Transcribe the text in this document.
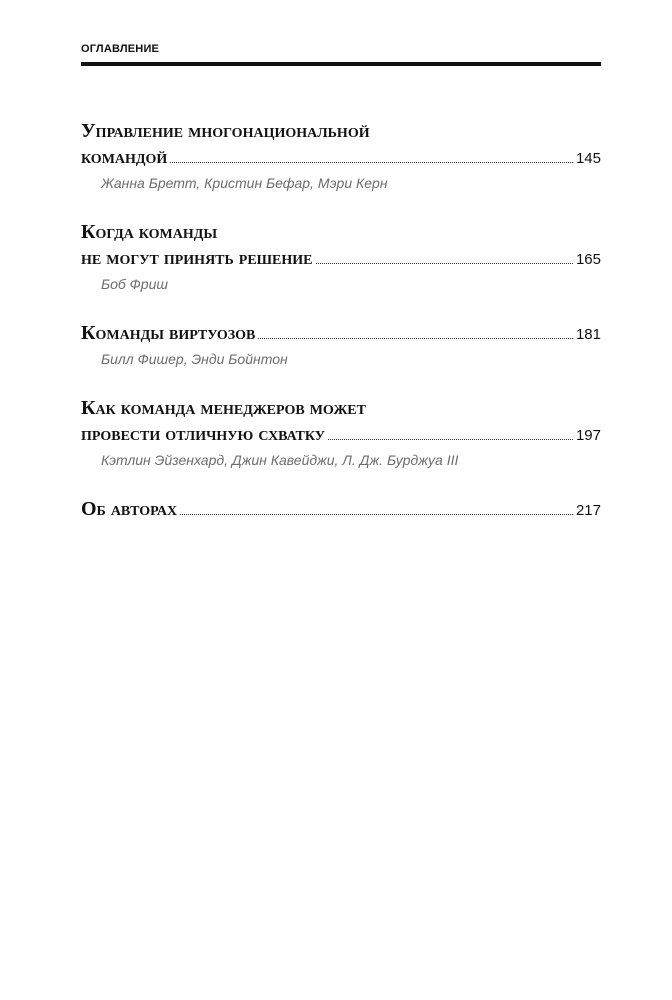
ОГЛАВЛЕНИЕ
Управление многонациональной
командой	145
Жанна Бретт, Кристин Бефар, Мэри Керн
Когда команды
не могут принять решение	165
Боб Фриш
Команды виртуозов	181
Билл Фишер, Энди Бойнтон
Как команда менеджеров может
провести отличную схватку	197
Кэтлин Эйзенхард, Джин Кавейджи, Л. Дж. Бурджуа III
Об авторах	217
